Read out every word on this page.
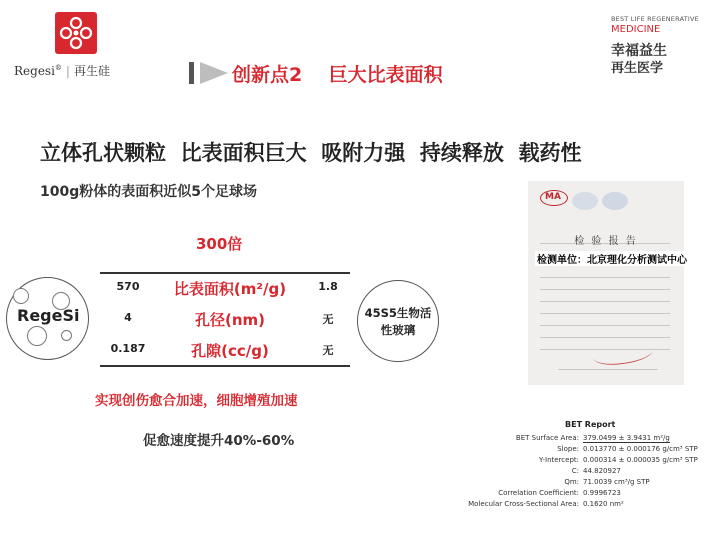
Regesi® | 再生硅
BEST LIFE REGENERATIVE
MEDICINE
幸福益生
再生医学
创新点2    巨大比表面积
立体孔状颗粒  比表面积巨大  吸附力强  持续释放  载药性
100g粉体的表面积近似5个足球场
300倍
570	比表面积(m²/g)	1.8
4	孔径(nm)	无
0.187	孔隙(cc/g)	无
RegeSi	45S5生物活
性玻璃
实现创伤愈合加速，细胞增殖加速
促愈速度提升40%-60%
MA
检 验 报 告
检测单位：北京理化分析测试中心
BET Report
BET Surface Area: 379.0499 ± 3.9431 m²/g
Slope: 0.013770 ± 0.000176 g/cm³ STP
Y-Intercept: 0.000314 ± 0.000035 g/cm³ STP
C: 44.820927
Qm: 71.0039 cm³/g STP
Correlation Coefficient: 0.9996723
Molecular Cross-Sectional Area: 0.1620 nm²
